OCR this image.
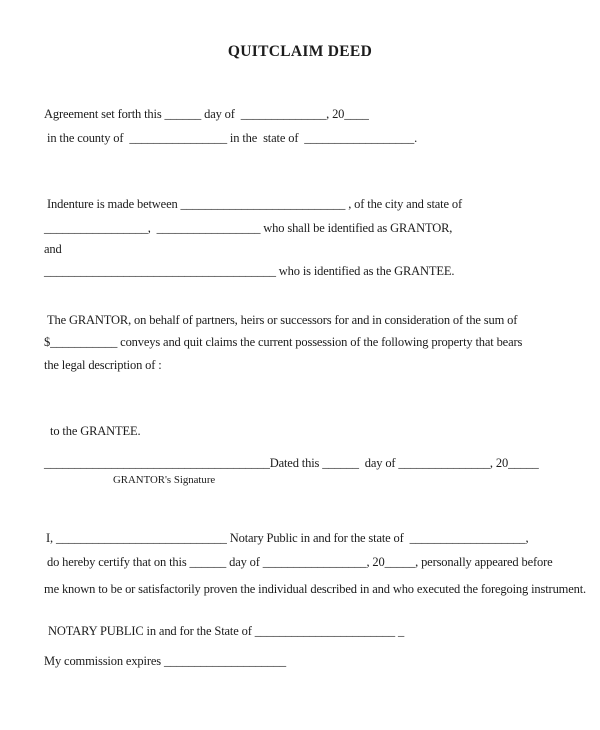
QUITCLAIM DEED
Agreement set forth this ______ day of  ______________, 20____
in the county of  ________________ in the  state of  __________________.
Indenture is made between ___________________________ , of the city and state of
_________________,  _________________ who shall be identified as GRANTOR,
and
______________________________________ who is identified as the GRANTEE.
The GRANTOR, on behalf of partners, heirs or successors for and in consideration of the sum of
$___________ conveys and quit claims the current possession of the following property that bears
the legal description of :
to the GRANTEE.
_____________________________________Dated this ______  day of _______________, 20_____
GRANTOR's Signature
I, ____________________________ Notary Public in and for the state of  ___________________,
do hereby certify that on this ______ day of _________________, 20_____, personally appeared before
me known to be or satisfactorily proven the individual described in and who executed the foregoing instrument.
NOTARY PUBLIC in and for the State of _______________________ _
My commission expires ____________________
